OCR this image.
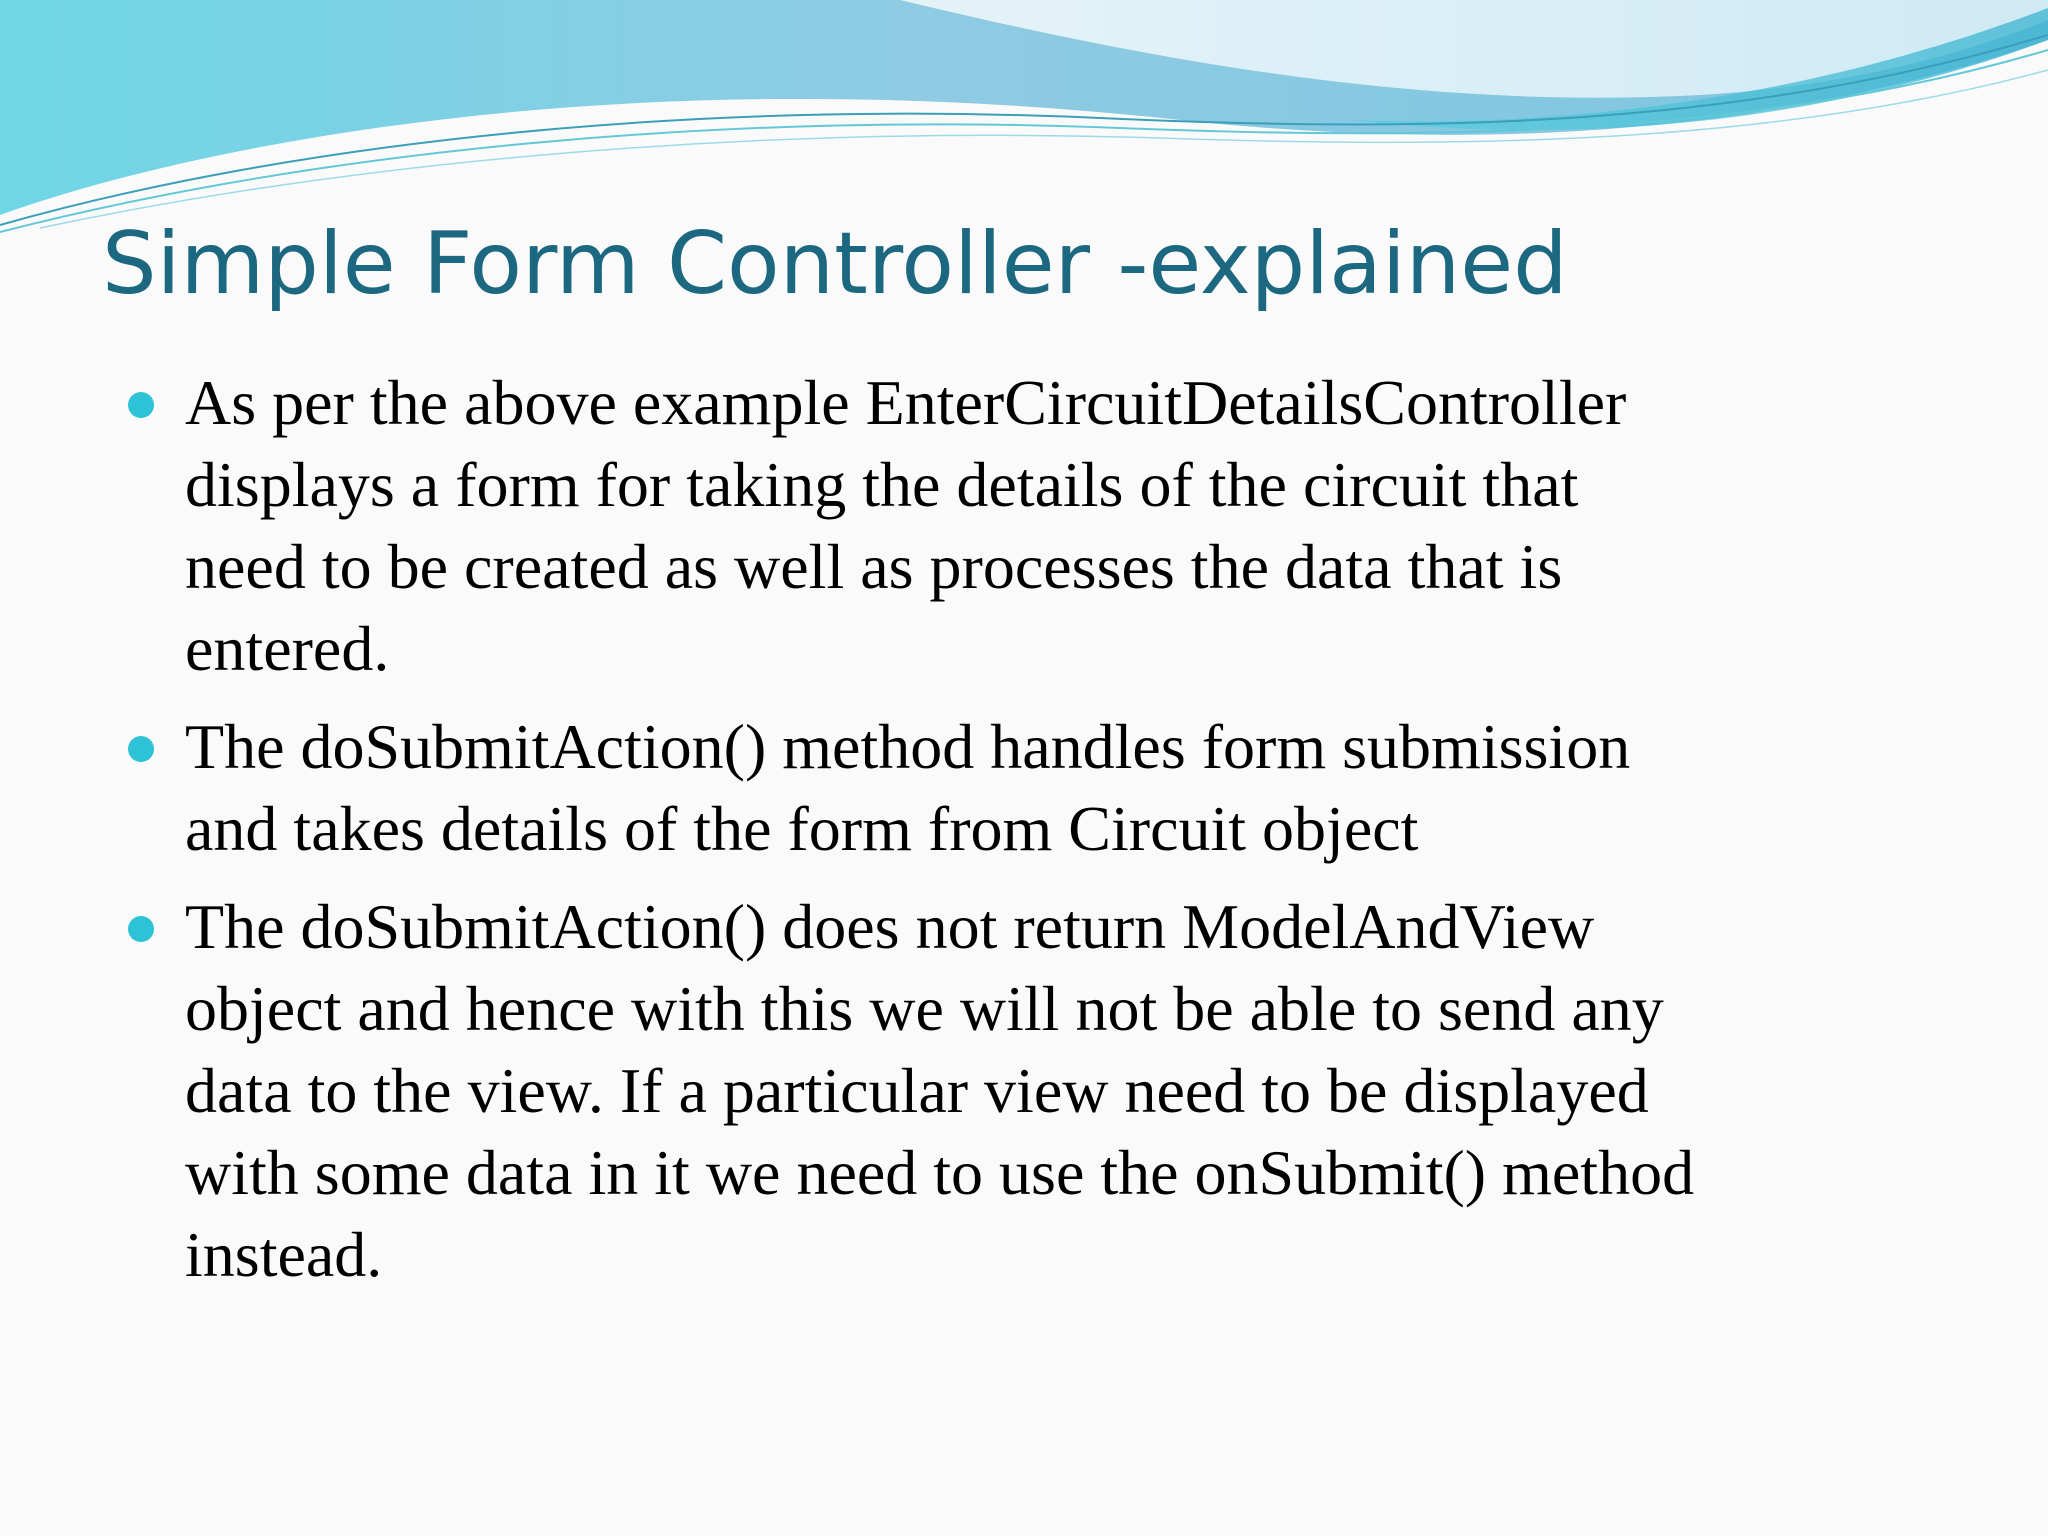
Simple Form Controller -explained
As per the above example EnterCircuitDetailsController
displays a form for taking the details of the circuit that
need to be created as well as processes the data that is
entered.
The doSubmitAction() method handles form submission
and takes details of the form from Circuit object
The doSubmitAction() does not return ModelAndView
object and hence with this we will not be able to send any
data to the view. If a particular view need to be displayed
with some data in it we need to use the onSubmit() method
instead.
